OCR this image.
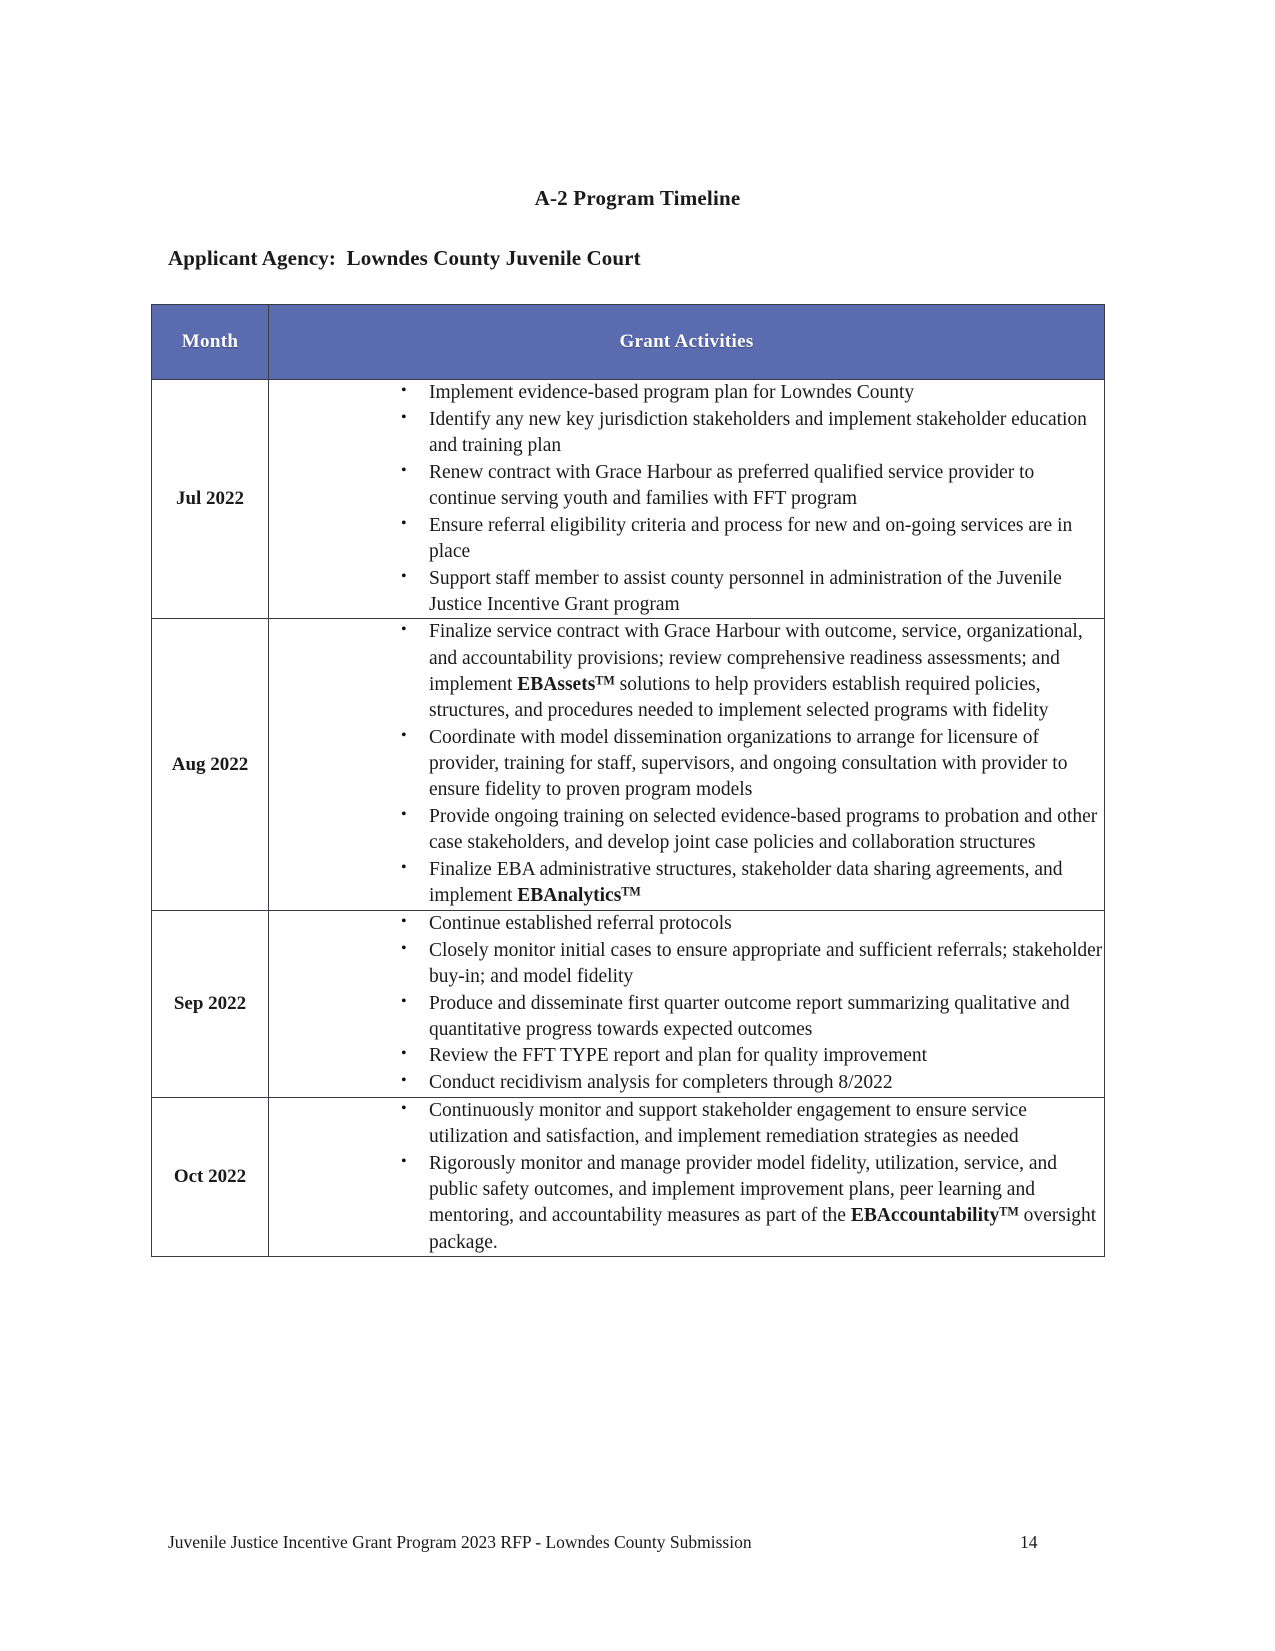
A-2 Program Timeline
Applicant Agency: Lowndes County Juvenile Court
Month	Grant Activities
Jul 2022	
• Implement evidence-based program plan for Lowndes County
• Identify any new key jurisdiction stakeholders and implement stakeholder education and training plan
• Renew contract with Grace Harbour as preferred qualified service provider to continue serving youth and families with FFT program
• Ensure referral eligibility criteria and process for new and on-going services are in place
• Support staff member to assist county personnel in administration of the Juvenile Justice Incentive Grant program

Aug 2022	
• Finalize service contract with Grace Harbour with outcome, service, organizational, and accountability provisions; review comprehensive readiness assessments; and implement EBAssets™ solutions to help providers establish required policies, structures, and procedures needed to implement selected programs with fidelity
• Coordinate with model dissemination organizations to arrange for licensure of provider, training for staff, supervisors, and ongoing consultation with provider to ensure fidelity to proven program models
• Provide ongoing training on selected evidence-based programs to probation and other case stakeholders, and develop joint case policies and collaboration structures
• Finalize EBA administrative structures, stakeholder data sharing agreements, and implement EBAnalytics™

Sep 2022	
• Continue established referral protocols
• Closely monitor initial cases to ensure appropriate and sufficient referrals; stakeholder buy-in; and model fidelity
• Produce and disseminate first quarter outcome report summarizing qualitative and quantitative progress towards expected outcomes
• Review the FFT TYPE report and plan for quality improvement
• Conduct recidivism analysis for completers through 8/2022

Oct 2022	
• Continuously monitor and support stakeholder engagement to ensure service utilization and satisfaction, and implement remediation strategies as needed
• Rigorously monitor and manage provider model fidelity, utilization, service, and public safety outcomes, and implement improvement plans, peer learning and mentoring, and accountability measures as part of the EBAccountability™ oversight package.
Juvenile Justice Incentive Grant Program 2023 RFP - Lowndes County Submission	14
